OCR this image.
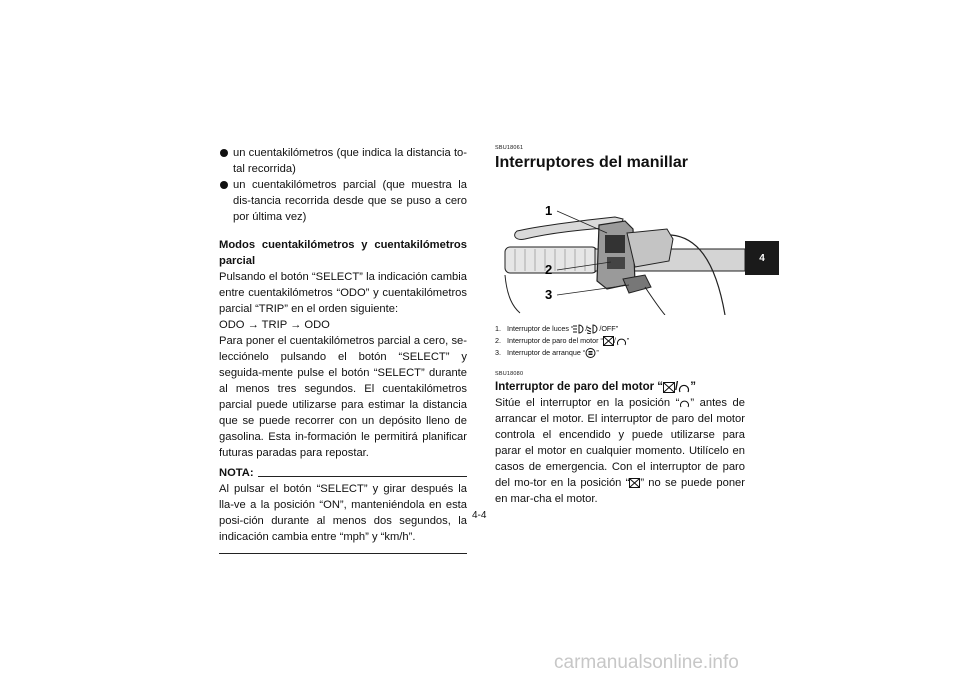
un cuentakilómetros (que indica la distancia to-tal recorrida)
un cuentakilómetros parcial (que muestra la dis-tancia recorrida desde que se puso a cero por última vez)
Modos cuentakilómetros y cuentakilómetros parcial
Pulsando el botón “SELECT” la indicación cambia entre cuentakilómetros “ODO” y cuentakilómetros parcial “TRIP” en el orden siguiente:
ODO → TRIP → ODO
Para poner el cuentakilómetros parcial a cero, se-lecciónelo pulsando el botón “SELECT” y seguida-mente pulse el botón “SELECT” durante al menos tres segundos. El cuentakilómetros parcial puede utilizarse para estimar la distancia que se puede recorrer con un depósito lleno de gasolina. Esta in-formación le permitirá planificar futuras paradas para repostar.
NOTA:
Al pulsar el botón “SELECT” y girar después la lla-ve a la posición “ON”, manteniéndola en esta posi-ción durante al menos dos segundos, la indicación cambia entre “mph” y “km/h”.
SBU18061
Interruptores del manillar
1
2
3
1. Interruptor de luces “ / /OFF”
2. Interruptor de paro del motor “ / ”
3. Interruptor de arranque “ ”
SBU18080
Interruptor de paro del motor “ / ”
Sitúe el interruptor en la posición “ ” antes de arrancar el motor. El interruptor de paro del motor controla el encendido y puede utilizarse para parar el motor en cualquier momento. Utilícelo en casos de emergencia. Con el interruptor de paro del mo-tor en la posición “ ” no se puede poner en mar-cha el motor.
4
4-4
carmanualsonline.info
